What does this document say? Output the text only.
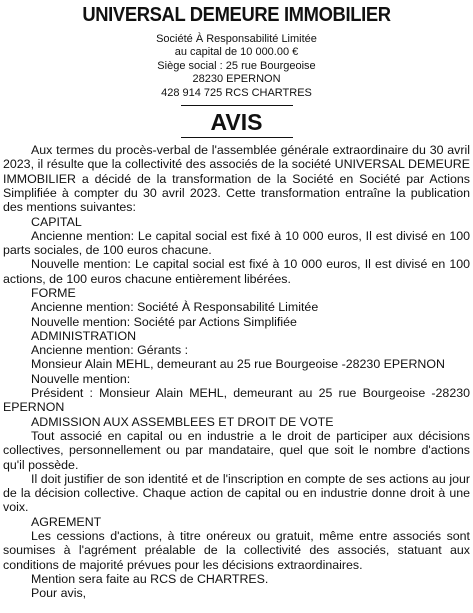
UNIVERSAL DEMEURE IMMOBILIER
Société À Responsabilité Limitée
au capital de 10 000.00 €
Siège social : 25 rue Bourgeoise
28230 EPERNON
428 914 725 RCS CHARTRES
AVIS

Aux termes du procès-verbal de l'assemblée générale extraordinaire du 30 avril 2023, il résulte que la collectivité des associés de la société UNIVERSAL DEMEURE IMMOBILIER a décidé de la transformation de la Société en Société par Actions Simplifiée à compter du 30 avril 2023. Cette transformation entraîne la publication des mentions suivantes:

CAPITAL

Ancienne mention: Le capital social est fixé à 10 000 euros, Il est divisé en 100 parts sociales, de 100 euros chacune.

Nouvelle mention: Le capital social est fixé à 10 000 euros, Il est divisé en 100 actions, de 100 euros chacune entièrement libérées.

FORME

Ancienne mention: Société À Responsabilité Limitée

Nouvelle mention: Société par Actions Simplifiée

ADMINISTRATION

Ancienne mention: Gérants :

Monsieur Alain MEHL, demeurant au 25 rue Bourgeoise -28230 EPERNON

Nouvelle mention:

Président : Monsieur Alain MEHL, demeurant au 25 rue Bourgeoise -28230 EPERNON

ADMISSION AUX ASSEMBLEES ET DROIT DE VOTE

Tout associé en capital ou en industrie a le droit de participer aux décisions collectives, personnellement ou par mandataire, quel que soit le nombre d'actions qu'il possède.

Il doit justifier de son identité et de l'inscription en compte de ses actions au jour de la décision collective. Chaque action de capital ou en industrie donne droit à une voix.

AGREMENT

Les cessions d'actions, à titre onéreux ou gratuit, même entre associés sont soumises à l'agrément préalable de la collectivité des associés, statuant aux conditions de majorité prévues pour les décisions extraordinaires.

Mention sera faite au RCS de CHARTRES.

Pour avis,
